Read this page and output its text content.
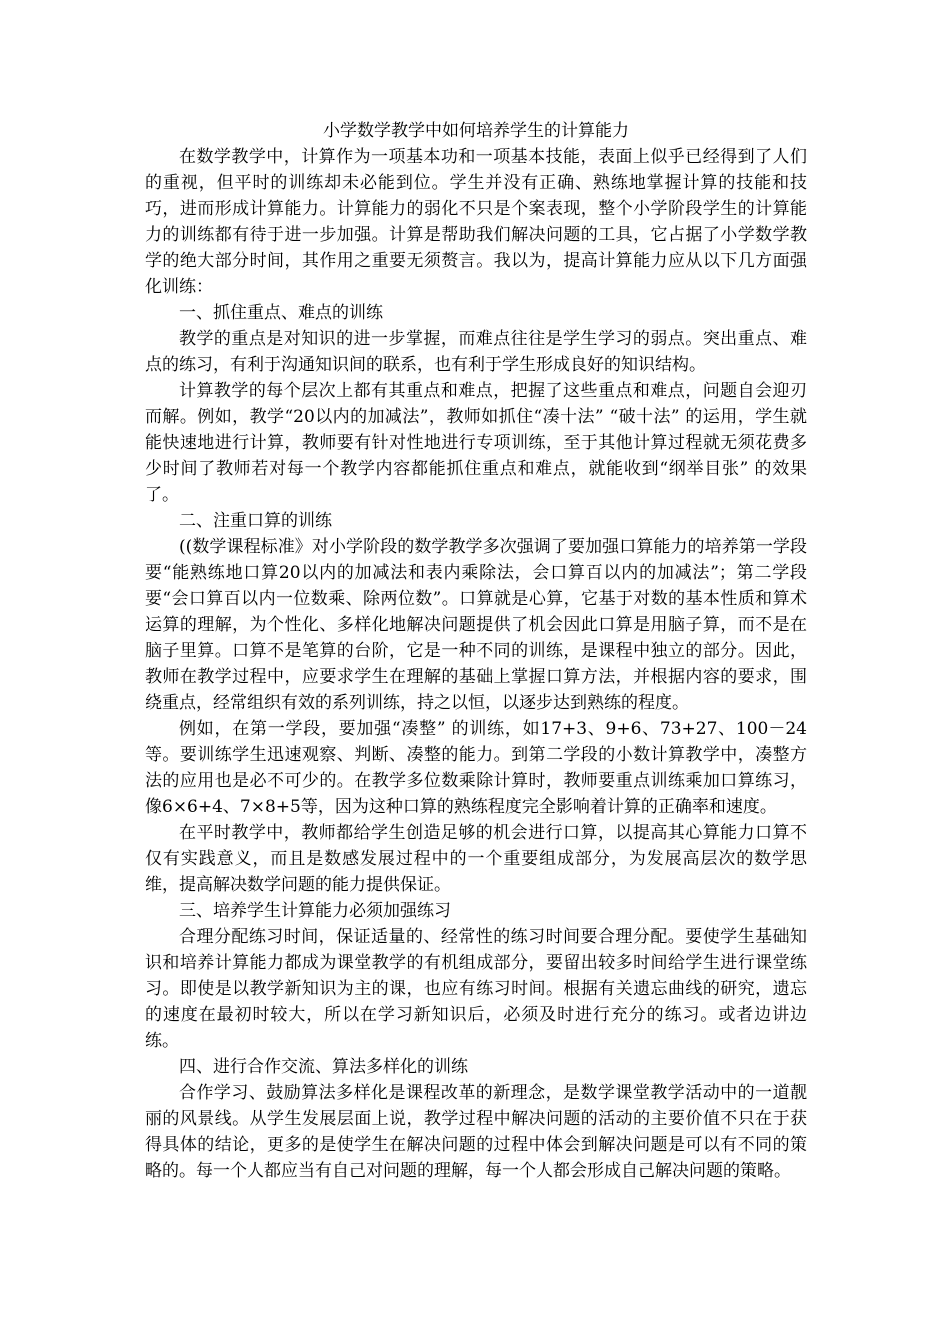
小学数学教学中如何培养学生的计算能力

在数学教学中，计算作为一项基本功和一项基本技能，表面上似乎已经得到了人们的重视，但平时的训练却未必能到位。学生并没有正确、熟练地掌握计算的技能和技巧，进而形成计算能力。计算能力的弱化不只是个案表现，整个小学阶段学生的计算能力的训练都有待于进一步加强。计算是帮助我们解决问题的工具，它占据了小学数学教学的绝大部分时间，其作用之重要无须赘言。我以为，提高计算能力应从以下几方面强化训练：

一、抓住重点、难点的训练

教学的重点是对知识的进一步掌握，而难点往往是学生学习的弱点。突出重点、难点的练习，有利于沟通知识间的联系，也有利于学生形成良好的知识结构。

计算教学的每个层次上都有其重点和难点，把握了这些重点和难点，问题自会迎刃而解。例如，教学“20以内的加减法”，教师如抓住“凑十法” “破十法” 的运用，学生就能快速地进行计算，教师要有针对性地进行专项训练，至于其他计算过程就无须花费多少时间了教师若对每一个教学内容都能抓住重点和难点，就能收到“纲举目张” 的效果了。

二、注重口算的训练

((数学课程标准》对小学阶段的数学教学多次强调了要加强口算能力的培养第一学段要“能熟练地口算20以内的加减法和表内乘除法，会口算百以内的加减法”；第二学段要“会口算百以内一位数乘、除两位数”。口算就是心算，它基于对数的基本性质和算术运算的理解，为个性化、多样化地解决问题提供了机会因此口算是用脑子算，而不是在脑子里算。口算不是笔算的台阶，它是一种不同的训练，是课程中独立的部分。因此，教师在教学过程中，应要求学生在理解的基础上掌握口算方法，并根据内容的要求，围绕重点，经常组织有效的系列训练，持之以恒，以逐步达到熟练的程度。

例如，在第一学段，要加强“凑整” 的训练，如17+3、9+6、73+27、100－24等。要训练学生迅速观察、判断、凑整的能力。到第二学段的小数计算教学中，凑整方法的应用也是必不可少的。在教学多位数乘除计算时，教师要重点训练乘加口算练习，像6×6+4、7×8+5等，因为这种口算的熟练程度完全影响着计算的正确率和速度。

在平时教学中，教师都给学生创造足够的机会进行口算，以提高其心算能力口算不仅有实践意义，而且是数感发展过程中的一个重要组成部分，为发展高层次的数学思维，提高解决数学问题的能力提供保证。

三、培养学生计算能力必须加强练习

合理分配练习时间，保证适量的、经常性的练习时间要合理分配。要使学生基础知识和培养计算能力都成为课堂教学的有机组成部分，要留出较多时间给学生进行课堂练习。即使是以教学新知识为主的课，也应有练习时间。根据有关遗忘曲线的研究，遗忘的速度在最初时较大，所以在学习新知识后，必须及时进行充分的练习。或者边讲边练。

四、进行合作交流、算法多样化的训练

合作学习、鼓励算法多样化是课程改革的新理念，是数学课堂教学活动中的一道靓丽的风景线。从学生发展层面上说，教学过程中解决问题的活动的主要价值不只在于获得具体的结论，更多的是使学生在解决问题的过程中体会到解决问题是可以有不同的策略的。每一个人都应当有自己对问题的理解，每一个人都会形成自己解决问题的策略。
